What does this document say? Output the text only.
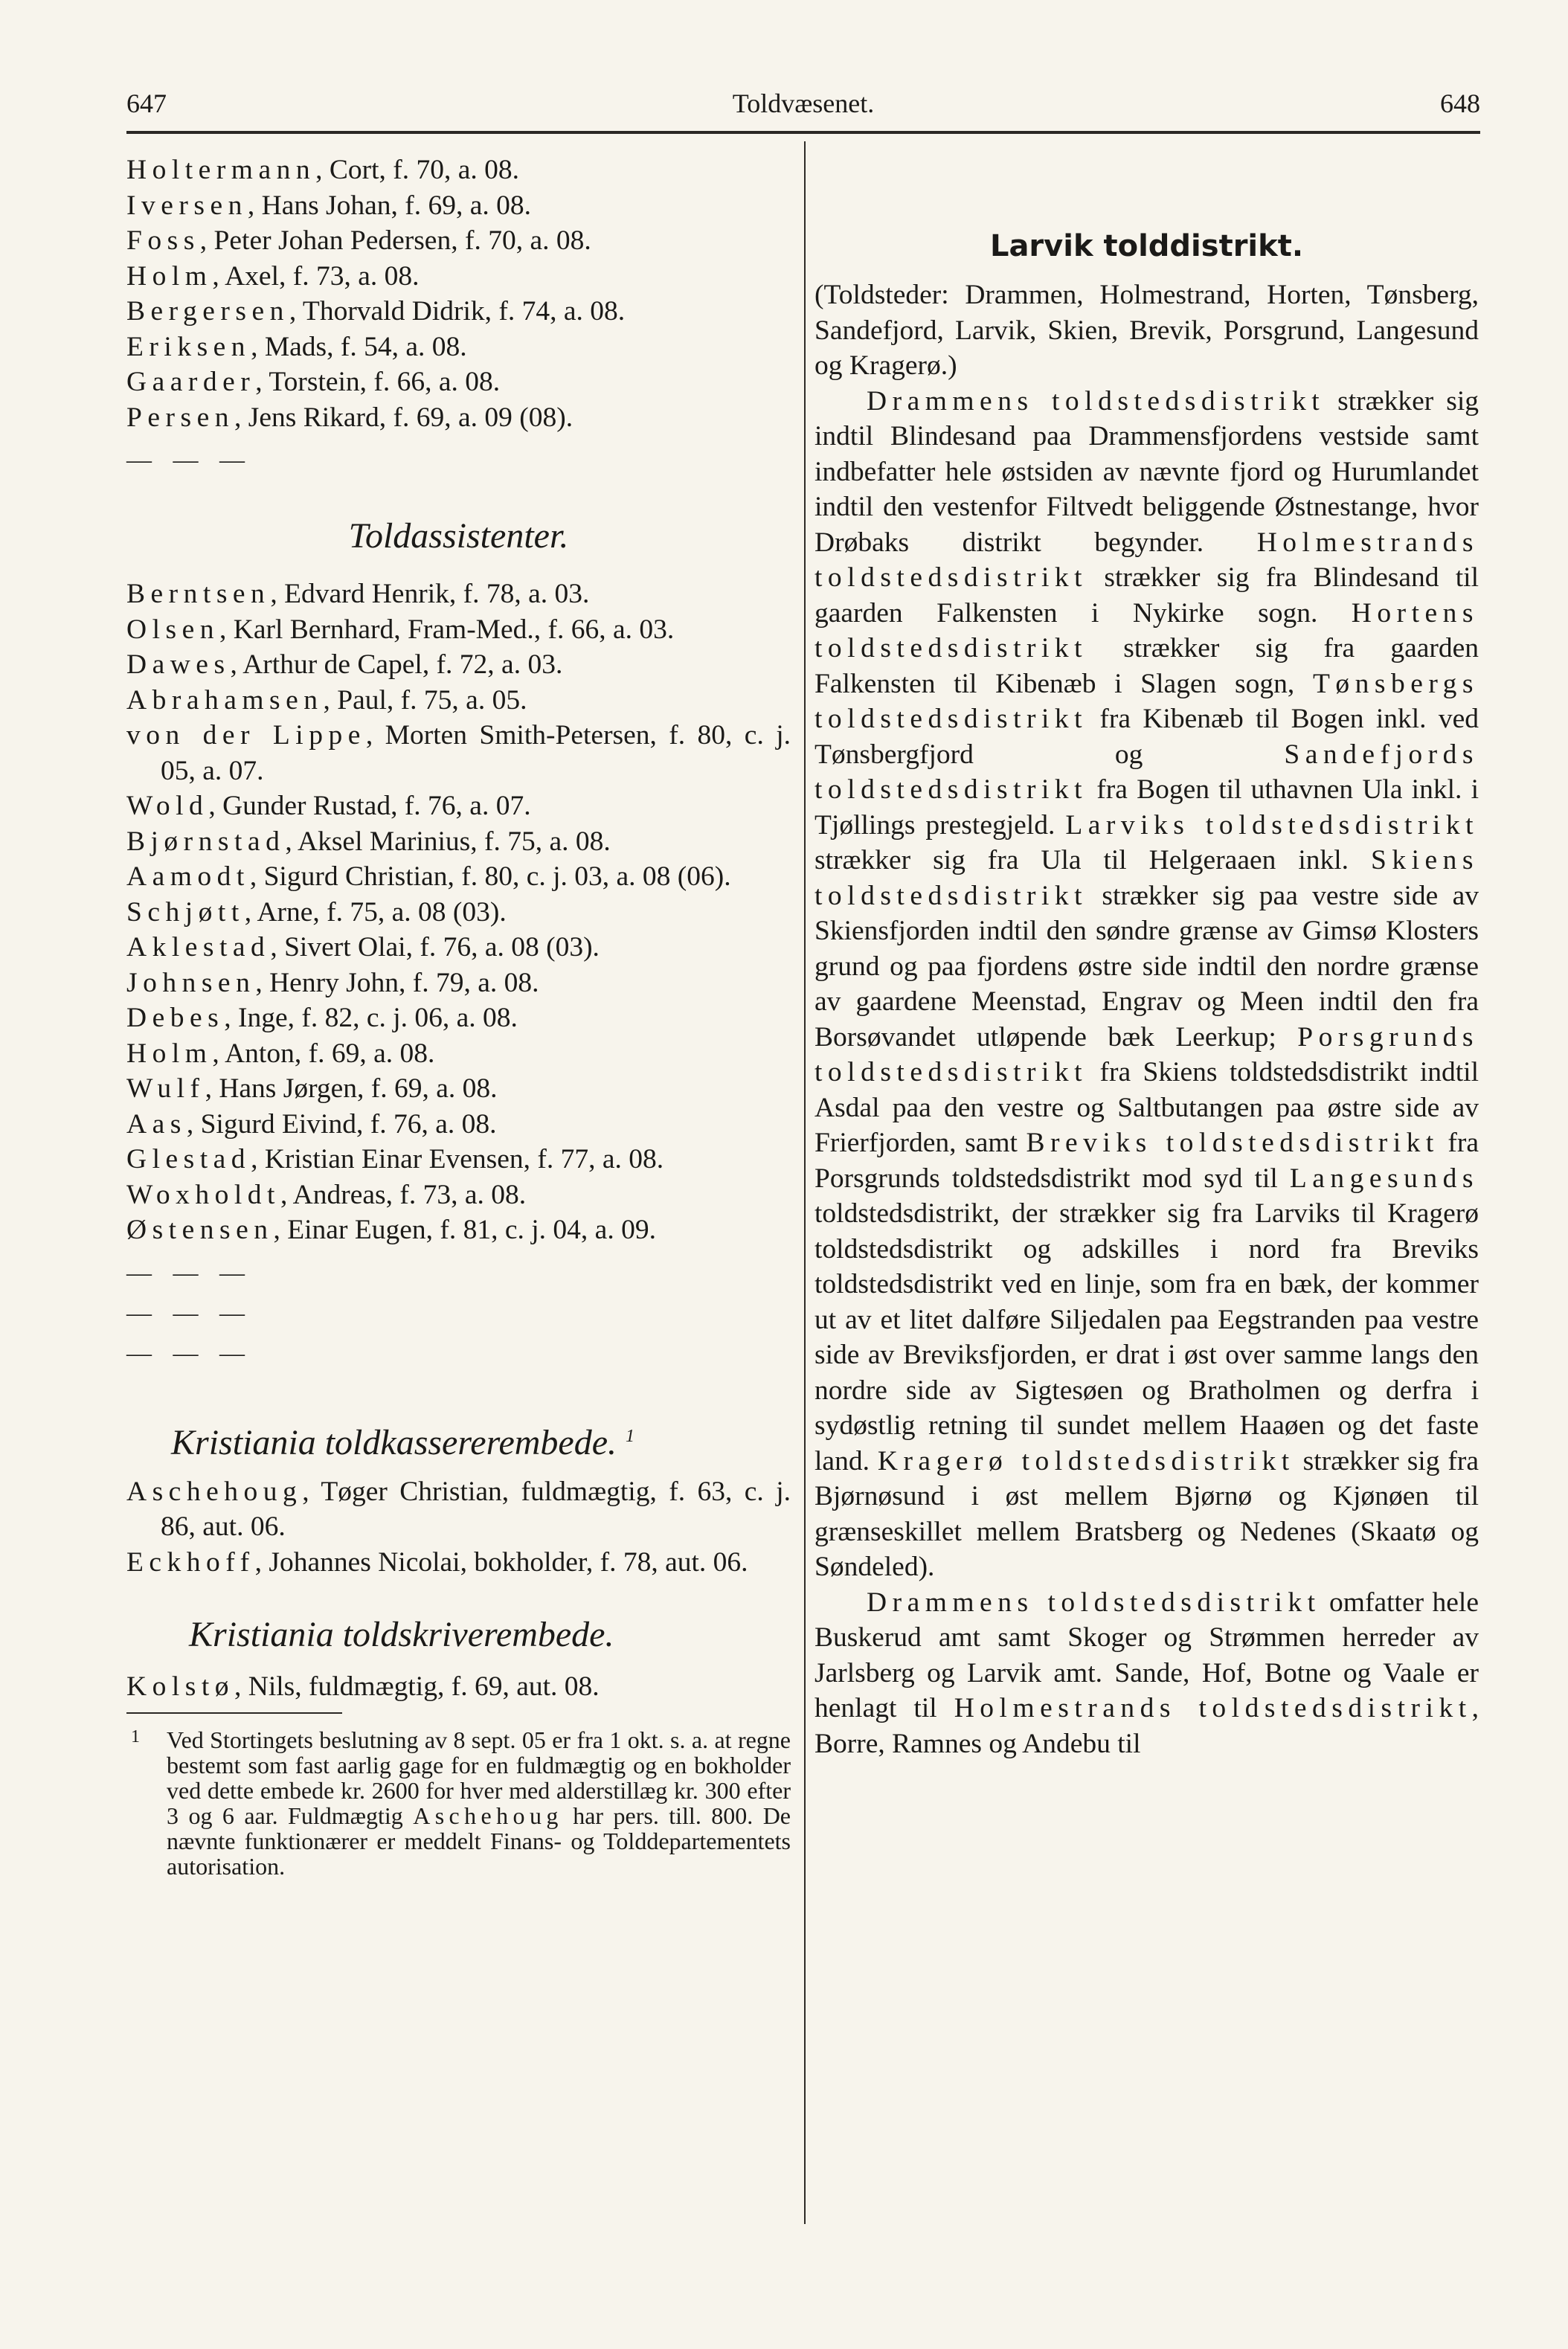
647	Toldvæsenet.	648
Holtermann, Cort, f. 70, a. 08.
Iversen, Hans Johan, f. 69, a. 08.
Foss, Peter Johan Pedersen, f. 70, a. 08.
Holm, Axel, f. 73, a. 08.
Bergersen, Thorvald Didrik, f. 74, a. 08.
Eriksen, Mads, f. 54, a. 08.
Gaarder, Torstein, f. 66, a. 08.
Persen, Jens Rikard, f. 69, a. 09 (08).
— — —
Toldassistenter.
Berntsen, Edvard Henrik, f. 78, a. 03.
Olsen, Karl Bernhard, Fram-Med., f. 66, a. 03.
Dawes, Arthur de Capel, f. 72, a. 03.
Abrahamsen, Paul, f. 75, a. 05.
von der Lippe, Morten Smith-Petersen, f. 80, c. j. 05, a. 07.
Wold, Gunder Rustad, f. 76, a. 07.
Bjørnstad, Aksel Marinius, f. 75, a. 08.
Aamodt, Sigurd Christian, f. 80, c. j. 03, a. 08 (06).
Schjøtt, Arne, f. 75, a. 08 (03).
Aklestad, Sivert Olai, f. 76, a. 08 (03).
Johnsen, Henry John, f. 79, a. 08.
Debes, Inge, f. 82, c. j. 06, a. 08.
Holm, Anton, f. 69, a. 08.
Wulf, Hans Jørgen, f. 69, a. 08.
Aas, Sigurd Eivind, f. 76, a. 08.
Glestad, Kristian Einar Evensen, f. 77, a. 08.
Woxholdt, Andreas, f. 73, a. 08.
Østensen, Einar Eugen, f. 81, c. j. 04, a. 09.
— — —
— — —
— — —
Kristiania toldkassererembede. $^1$
Aschehoug, Tøger Christian, fuldmægtig, f. 63, c. j. 86, aut. 06.
Eckhoff, Johannes Nicolai, bokholder, f. 78, aut. 06.
Kristiania toldskriverembede.
Kolstø, Nils, fuldmægtig, f. 69, aut. 08.
1 Ved Stortingets beslutning av 8 sept. 05 er fra 1 okt. s. a. at regne bestemt som fast aarlig gage for en fuldmægtig og en bokholder ved dette embede kr. 2600 for hver med alderstillæg kr. 300 efter 3 og 6 aar. Fuldmægtig Aschehoug har pers. till. 800. De nævnte funktionærer er meddelt Finans- og Tolddepartementets autorisation.
Larvik tolddistrikt.
(Toldsteder: Drammen, Holmestrand, Horten, Tønsberg, Sandefjord, Larvik, Skien, Brevik, Porsgrund, Langesund og Kragerø.)
Drammens toldstedsdistrikt strækker sig indtil Blindesand paa Drammensfjordens vestside samt indbefatter hele østsiden av nævnte fjord og Hurumlandet indtil den vestenfor Filtvedt beliggende Østnestange, hvor Drøbaks distrikt begynder. Holmestrands toldstedsdistrikt strækker sig fra Blindesand til gaarden Falkensten i Nykirke sogn. Hortens toldstedsdistrikt strækker sig fra gaarden Falkensten til Kibenæb i Slagen sogn, Tønsbergs toldstedsdistrikt fra Kibenæb til Bogen inkl. ved Tønsbergfjord og Sandefjords toldstedsdistrikt fra Bogen til uthavnen Ula inkl. i Tjøllings prestegjeld. Larviks toldstedsdistrikt strækker sig fra Ula til Helgeraaen inkl. Skiens toldstedsdistrikt strækker sig paa vestre side av Skiensfjorden indtil den søndre grænse av Gimsø Klosters grund og paa fjordens østre side indtil den nordre grænse av gaardene Meenstad, Engrav og Meen indtil den fra Borsøvandet utløpende bæk Leerkup; Porsgrunds toldstedsdistrikt fra Skiens toldstedsdistrikt indtil Asdal paa den vestre og Saltbutangen paa østre side av Frierfjorden, samt Breviks toldstedsdistrikt fra Porsgrunds toldstedsdistrikt mod syd til Langesunds toldstedsdistrikt, der strækker sig fra Larviks til Kragerø toldstedsdistrikt og adskilles i nord fra Breviks toldstedsdistrikt ved en linje, som fra en bæk, der kommer ut av et litet dalføre Siljedalen paa Eegstranden paa vestre side av Breviksfjorden, er drat i øst over samme langs den nordre side av Sigtesøen og Bratholmen og derfra i sydøstlig retning til sundet mellem Haaøen og det faste land. Kragerø toldstedsdistrikt strækker sig fra Bjørnøsund i øst mellem Bjørnø og Kjønøen til grænseskillet mellem Bratsberg og Nedenes (Skaatø og Søndeled).
Drammens toldstedsdistrikt omfatter hele Buskerud amt samt Skoger og Strømmen herreder av Jarlsberg og Larvik amt. Sande, Hof, Botne og Vaale er henlagt til Holmestrands toldstedsdistrikt, Borre, Ramnes og Andebu til
